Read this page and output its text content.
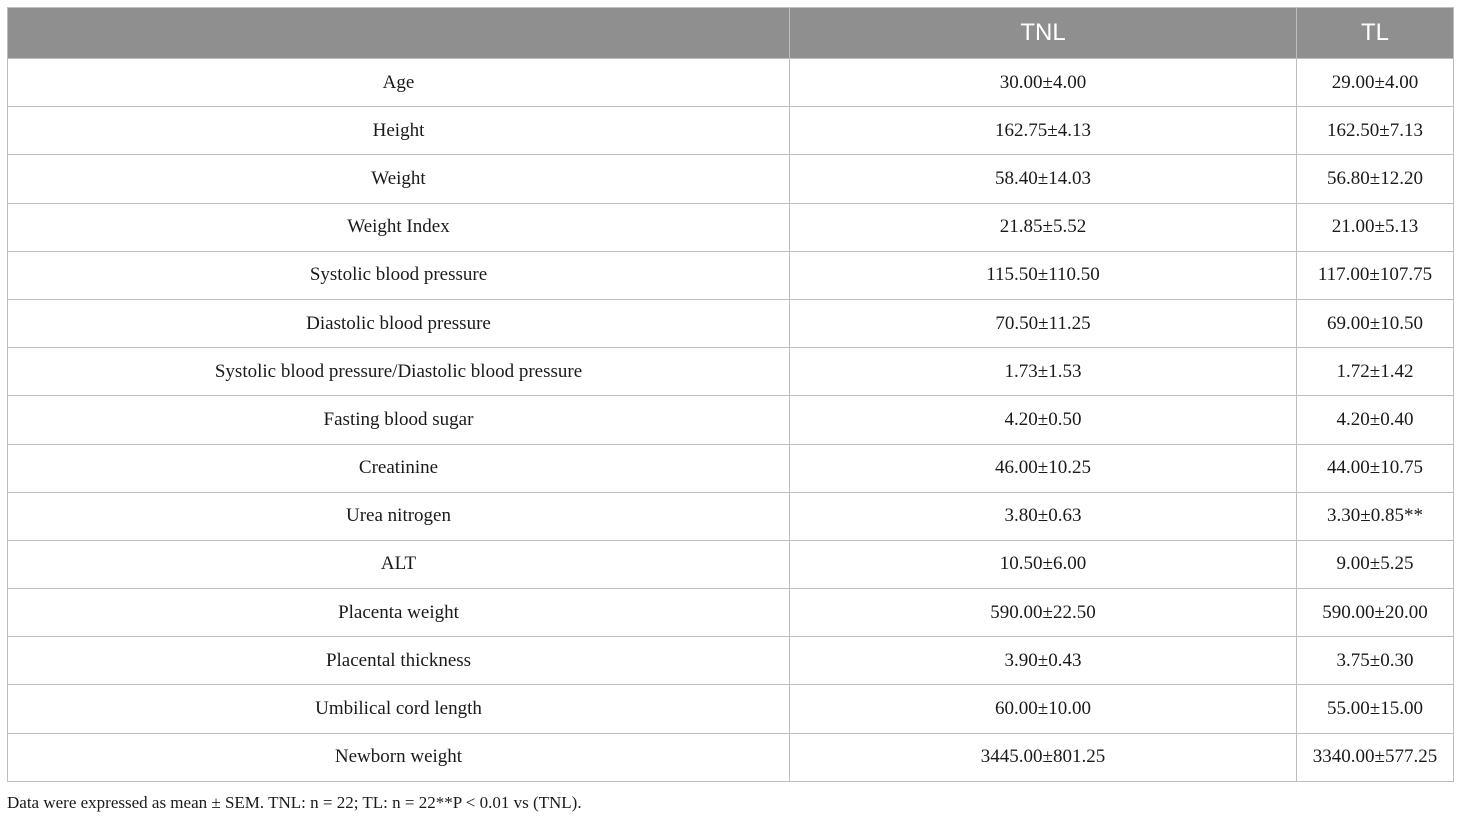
	TNL	TL
Age	30.00±4.00	29.00±4.00
Height	162.75±4.13	162.50±7.13
Weight	58.40±14.03	56.80±12.20
Weight Index	21.85±5.52	21.00±5.13
Systolic blood pressure	115.50±110.50	117.00±107.75
Diastolic blood pressure	70.50±11.25	69.00±10.50
Systolic blood pressure/Diastolic blood pressure	1.73±1.53	1.72±1.42
Fasting blood sugar	4.20±0.50	4.20±0.40
Creatinine	46.00±10.25	44.00±10.75
Urea nitrogen	3.80±0.63	3.30±0.85**
ALT	10.50±6.00	9.00±5.25
Placenta weight	590.00±22.50	590.00±20.00
Placental thickness	3.90±0.43	3.75±0.30
Umbilical cord length	60.00±10.00	55.00±15.00
Newborn weight	3445.00±801.25	3340.00±577.25
Data were expressed as mean ± SEM. TNL: n = 22; TL: n = 22**P < 0.01 vs (TNL).
